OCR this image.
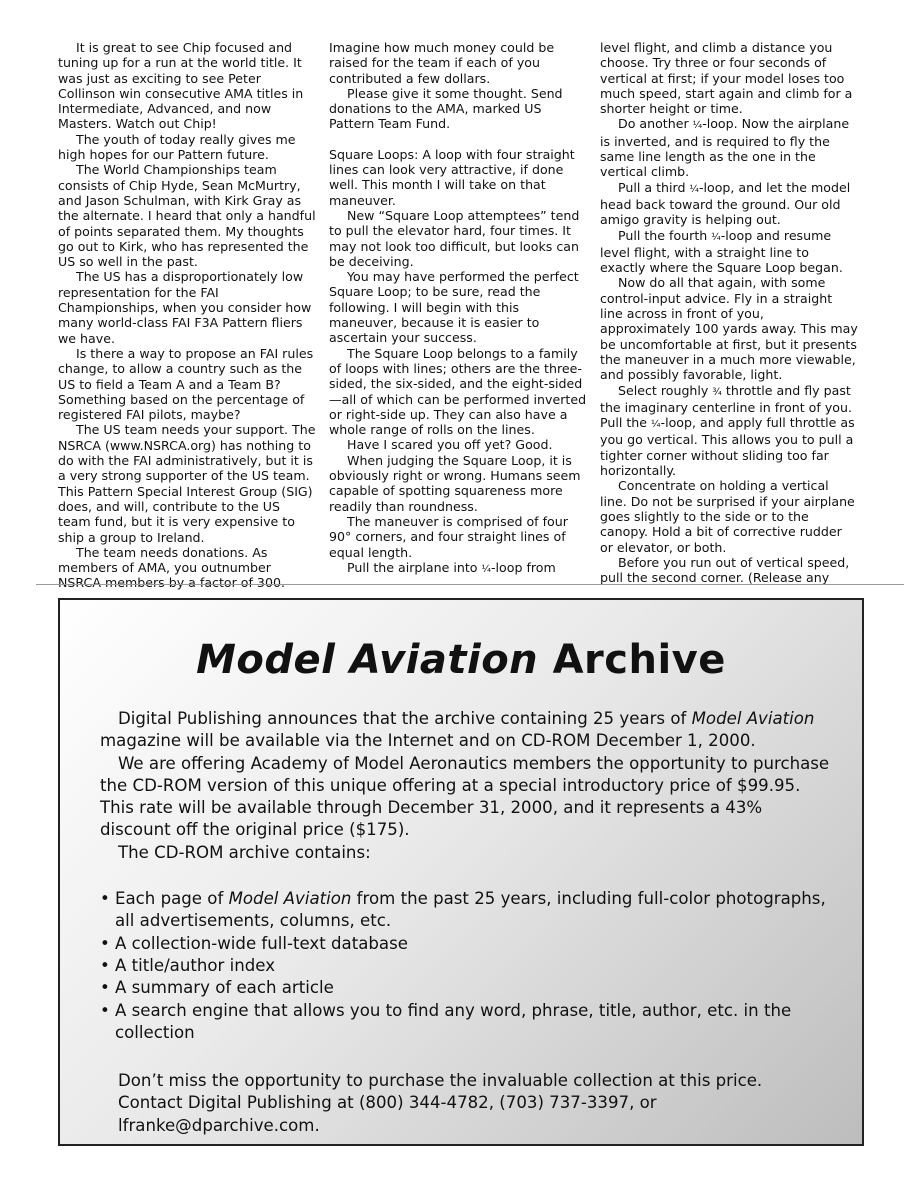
It is great to see Chip focused and tuning up for a run at the world title. It was just as exciting to see Peter Collinson win consecutive AMA titles in Intermediate, Advanced, and now Masters. Watch out Chip!

The youth of today really gives me high hopes for our Pattern future.

The World Championships team consists of Chip Hyde, Sean McMurtry, and Jason Schulman, with Kirk Gray as the alternate. I heard that only a handful of points separated them. My thoughts go out to Kirk, who has represented the US so well in the past.

The US has a disproportionately low representation for the FAI Championships, when you consider how many world-class FAI F3A Pattern fliers we have.

Is there a way to propose an FAI rules change, to allow a country such as the US to field a Team A and a Team B? Something based on the percentage of registered FAI pilots, maybe?

The US team needs your support. The NSRCA (www.NSRCA.org) has nothing to do with the FAI administratively, but it is a very strong supporter of the US team. This Pattern Special Interest Group (SIG) does, and will, contribute to the US team fund, but it is very expensive to ship a group to Ireland.

The team needs donations. As members of AMA, you outnumber NSRCA members by a factor of 300.

Imagine how much money could be raised for the team if each of you contributed a few dollars.

Please give it some thought. Send donations to the AMA, marked US Pattern Team Fund.

Square Loops: A loop with four straight lines can look very attractive, if done well. This month I will take on that maneuver.

New “Square Loop attemptees” tend to pull the elevator hard, four times. It may not look too difficult, but looks can be deceiving.

You may have performed the perfect Square Loop; to be sure, read the following. I will begin with this maneuver, because it is easier to ascertain your success.

The Square Loop belongs to a family of loops with lines; others are the three-sided, the six-sided, and the eight-sided—all of which can be performed inverted or right-side up. They can also have a whole range of rolls on the lines.

Have I scared you off yet? Good.

When judging the Square Loop, it is obviously right or wrong. Humans seem capable of spotting squareness more readily than roundness.

The maneuver is comprised of four 90° corners, and four straight lines of equal length.

Pull the airplane into ¼-loop from

level flight, and climb a distance you choose. Try three or four seconds of vertical at first; if your model loses too much speed, start again and climb for a shorter height or time.

Do another ¼-loop. Now the airplane is inverted, and is required to fly the same line length as the one in the vertical climb.

Pull a third ¼-loop, and let the model head back toward the ground. Our old amigo gravity is helping out.

Pull the fourth ¼-loop and resume level flight, with a straight line to exactly where the Square Loop began.

Now do all that again, with some control-input advice. Fly in a straight line across in front of you, approximately 100 yards away. This may be uncomfortable at first, but it presents the maneuver in a much more viewable, and possibly favorable, light.

Select roughly ¾ throttle and fly past the imaginary centerline in front of you. Pull the ¼-loop, and apply full throttle as you go vertical. This allows you to pull a tighter corner without sliding too far horizontally.

Concentrate on holding a vertical line. Do not be surprised if your airplane goes slightly to the side or to the canopy. Hold a bit of corrective rudder or elevator, or both.

Before you run out of vertical speed, pull the second corner. (Release any

Model Aviation Archive

Digital Publishing announces that the archive containing 25 years of Model Aviation magazine will be available via the Internet and on CD-ROM December 1, 2000.

We are offering Academy of Model Aeronautics members the opportunity to purchase the CD-ROM version of this unique offering at a special introductory price of $99.95. This rate will be available through December 31, 2000, and it represents a 43% discount off the original price ($175).

The CD-ROM archive contains:

• Each page of Model Aviation from the past 25 years, including full-color photographs, all advertisements, columns, etc.
• A collection-wide full-text database
• A title/author index
• A summary of each article
• A search engine that allows you to find any word, phrase, title, author, etc. in the collection

Don’t miss the opportunity to purchase the invaluable collection at this price.

Contact Digital Publishing at (800) 344-4782, (703) 737-3397, or lfranke@dparchive.com.
